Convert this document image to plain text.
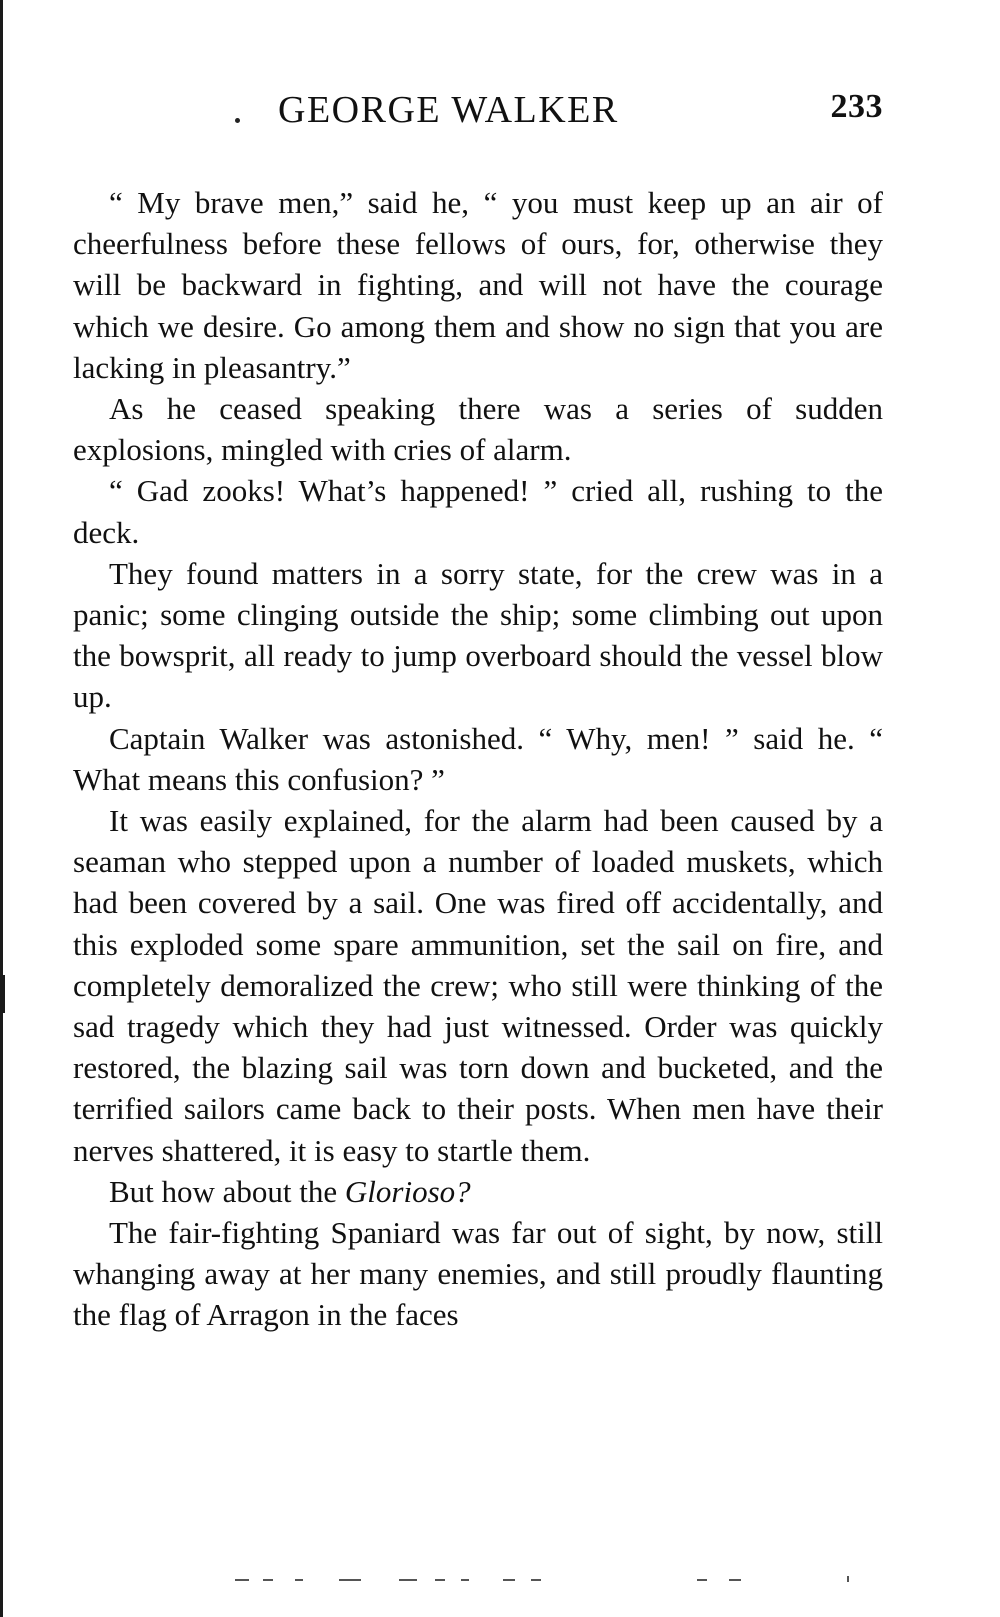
GEORGE WALKER	233

“ My brave men,” said he, “ you must keep up an air of cheerfulness before these fellows of ours, for, otherwise they will be backward in fighting, and will not have the courage which we desire. Go among them and show no sign that you are lacking in pleasantry.”

As he ceased speaking there was a series of sudden explosions, mingled with cries of alarm.

“ Gad zooks! What’s happened! ” cried all, rushing to the deck.

They found matters in a sorry state, for the crew was in a panic; some clinging outside the ship; some climbing out upon the bowsprit, all ready to jump overboard should the vessel blow up.

Captain Walker was astonished. “ Why, men! ” said he. “ What means this confusion? ”

It was easily explained, for the alarm had been caused by a seaman who stepped upon a number of loaded muskets, which had been covered by a sail. One was fired off accidentally, and this exploded some spare ammunition, set the sail on fire, and completely demoralized the crew; who still were thinking of the sad tragedy which they had just witnessed. Order was quickly restored, the blazing sail was torn down and bucketed, and the terrified sailors came back to their posts. When men have their nerves shattered, it is easy to startle them.

But how about the Glorioso?

The fair-fighting Spaniard was far out of sight, by now, still whanging away at her many enemies, and still proudly flaunting the flag of Arragon in the faces
